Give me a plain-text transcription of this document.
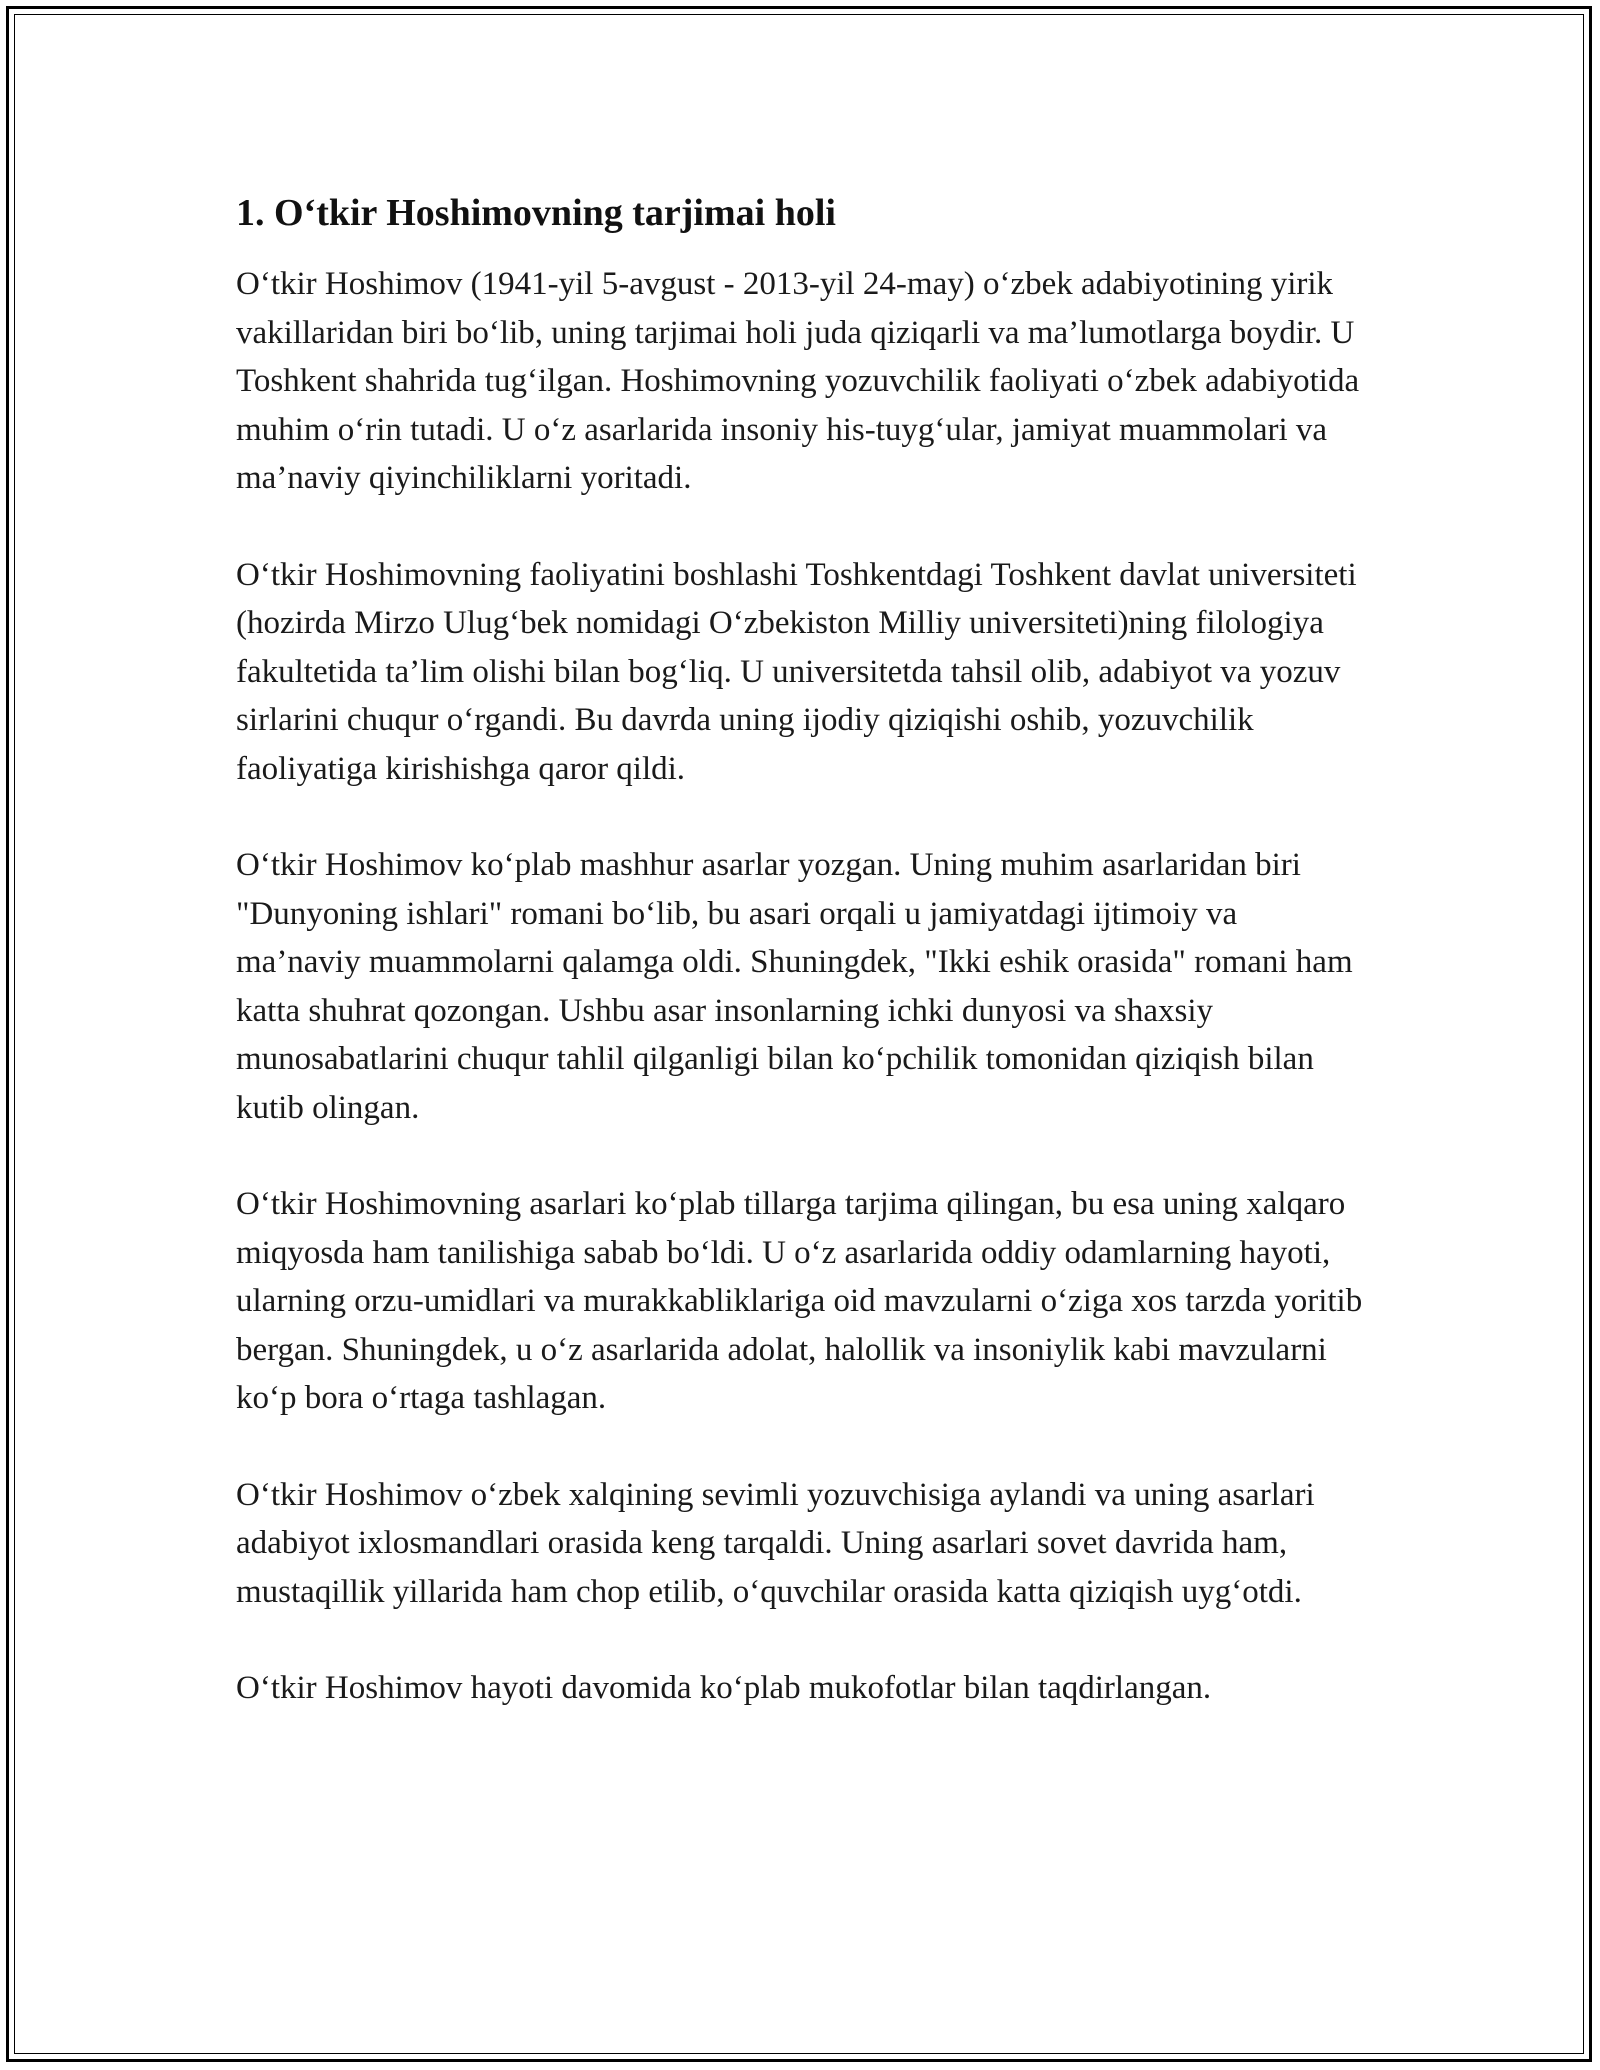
1. O‘tkir Hoshimovning tarjimai holi

O‘tkir Hoshimov (1941-yil 5-avgust - 2013-yil 24-may) o‘zbek adabiyotining yirik vakillaridan biri bo‘lib, uning tarjimai holi juda qiziqarli va ma’lumotlarga boydir. U Toshkent shahrida tug‘ilgan. Hoshimovning yozuvchilik faoliyati o‘zbek adabiyotida muhim o‘rin tutadi. U o‘z asarlarida insoniy his-tuyg‘ular, jamiyat muammolari va ma’naviy qiyinchiliklarni yoritadi.

O‘tkir Hoshimovning faoliyatini boshlashi Toshkentdagi Toshkent davlat universiteti (hozirda Mirzo Ulug‘bek nomidagi O‘zbekiston Milliy universiteti)ning filologiya fakultetida ta’lim olishi bilan bog‘liq. U universitetda tahsil olib, adabiyot va yozuv sirlarini chuqur o‘rgandi. Bu davrda uning ijodiy qiziqishi oshib, yozuvchilik faoliyatiga kirishishga qaror qildi.

O‘tkir Hoshimov ko‘plab mashhur asarlar yozgan. Uning muhim asarlaridan biri "Dunyoning ishlari" romani bo‘lib, bu asari orqali u jamiyatdagi ijtimoiy va ma’naviy muammolarni qalamga oldi. Shuningdek, "Ikki eshik orasida" romani ham katta shuhrat qozongan. Ushbu asar insonlarning ichki dunyosi va shaxsiy munosabatlarini chuqur tahlil qilganligi bilan ko‘pchilik tomonidan qiziqish bilan kutib olingan.

O‘tkir Hoshimovning asarlari ko‘plab tillarga tarjima qilingan, bu esa uning xalqaro miqyosda ham tanilishiga sabab bo‘ldi. U o‘z asarlarida oddiy odamlarning hayoti, ularning orzu-umidlari va murakkabliklariga oid mavzularni o‘ziga xos tarzda yoritib bergan. Shuningdek, u o‘z asarlarida adolat, halollik va insoniylik kabi mavzularni ko‘p bora o‘rtaga tashlagan.

O‘tkir Hoshimov o‘zbek xalqining sevimli yozuvchisiga aylandi va uning asarlari adabiyot ixlosmandlari orasida keng tarqaldi. Uning asarlari sovet davrida ham, mustaqillik yillarida ham chop etilib, o‘quvchilar orasida katta qiziqish uyg‘otdi.

O‘tkir Hoshimov hayoti davomida ko‘plab mukofotlar bilan taqdirlangan.
